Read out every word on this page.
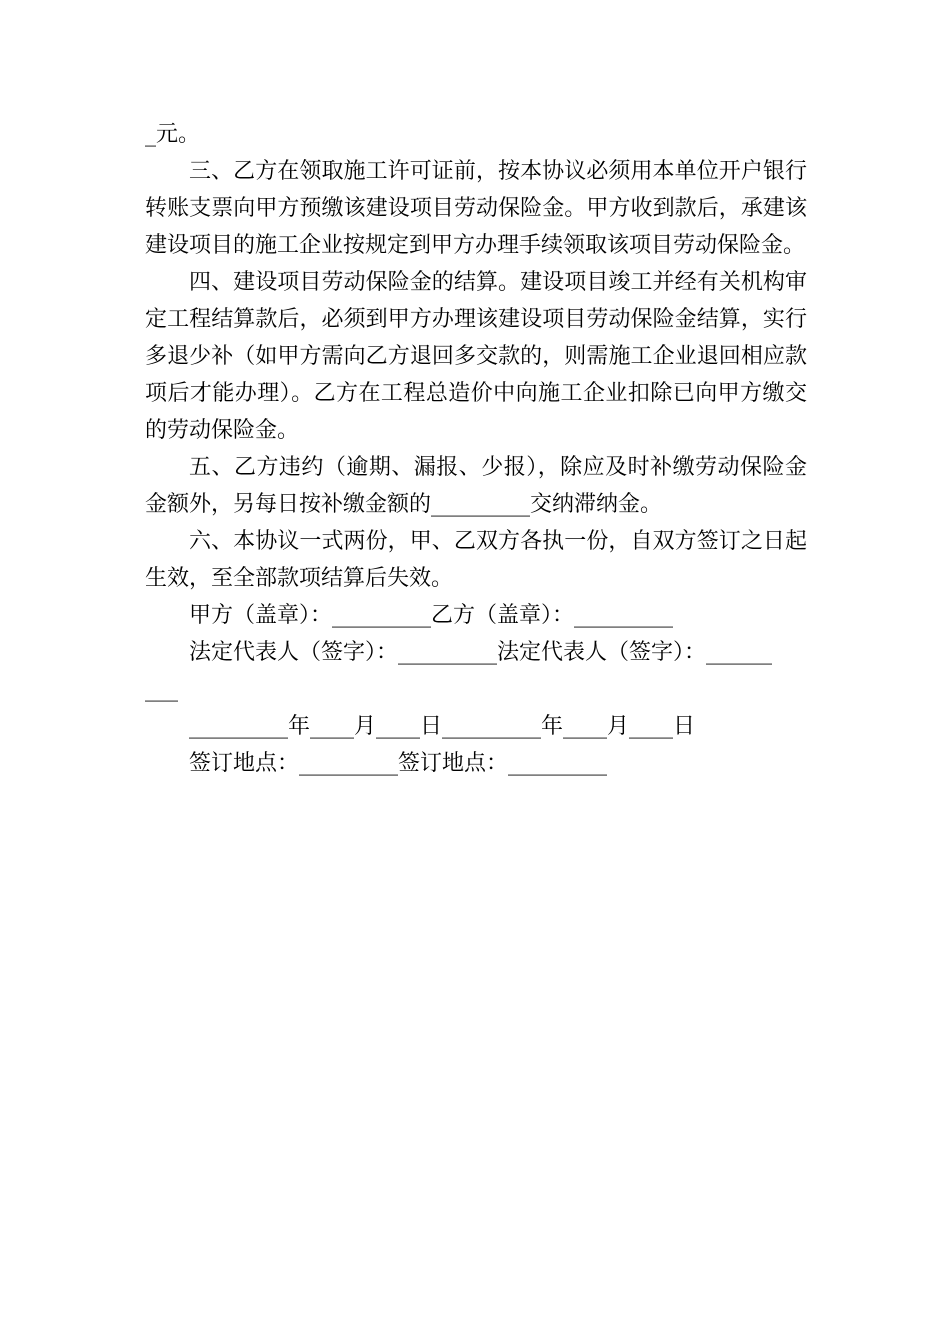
_元。

三、乙方在领取施工许可证前，按本协议必须用本单位开户银行转账支票向甲方预缴该建设项目劳动保险金。甲方收到款后，承建该建设项目的施工企业按规定到甲方办理手续领取该项目劳动保险金。

四、建设项目劳动保险金的结算。建设项目竣工并经有关机构审定工程结算款后，必须到甲方办理该建设项目劳动保险金结算，实行多退少补（如甲方需向乙方退回多交款的，则需施工企业退回相应款项后才能办理）。乙方在工程总造价中向施工企业扣除已向甲方缴交的劳动保险金。

五、乙方违约（逾期、漏报、少报），除应及时补缴劳动保险金金额外，另每日按补缴金额的_________交纳滞纳金。

六、本协议一式两份，甲、乙双方各执一份，自双方签订之日起生效，至全部款项结算后失效。

甲方（盖章）：_________乙方（盖章）：_________

法定代表人（签字）：_________法定代表人（签字）：______

___

_________年____月____日_________年____月____日

签订地点：_________签订地点：_________
